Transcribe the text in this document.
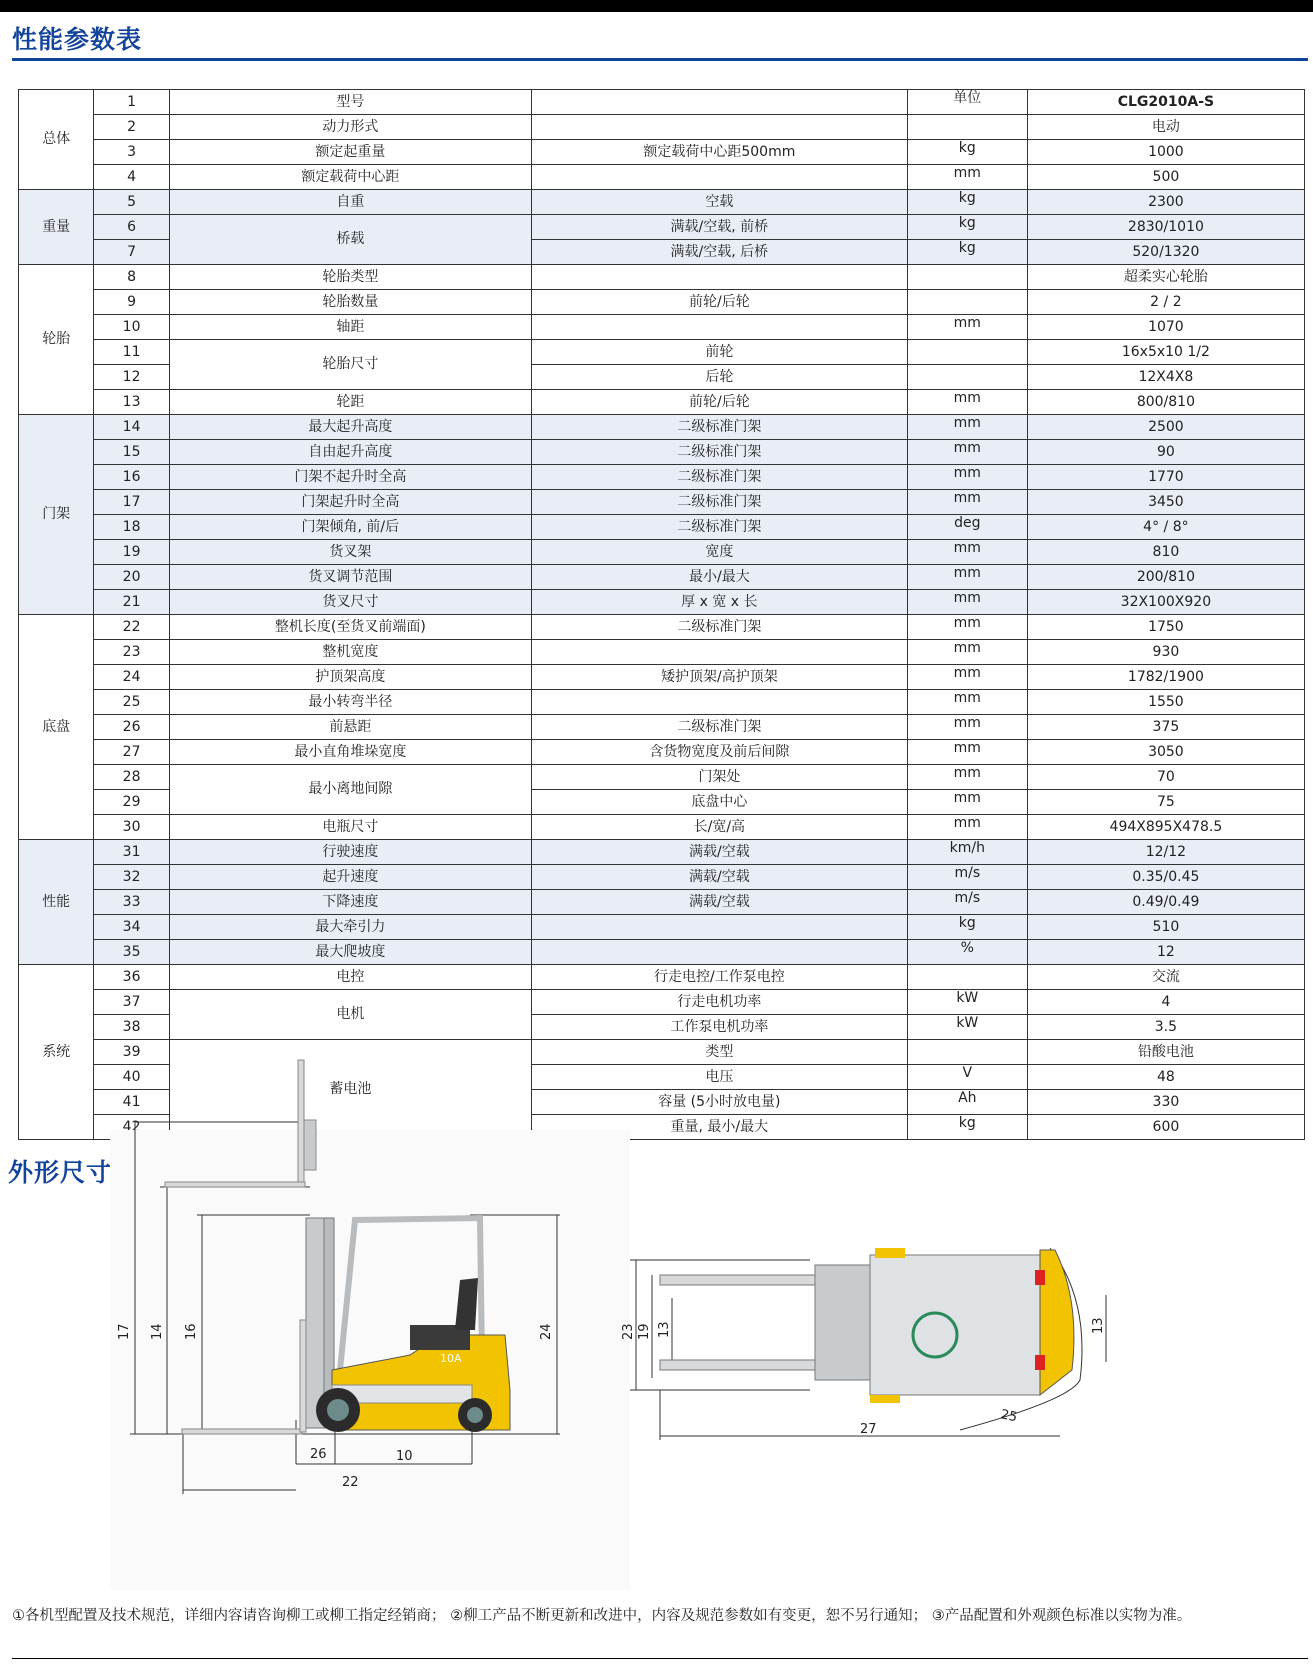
性能参数表
总体	1	型号		单位	CLG2010A-S
	2	动力形式			电动
	3	额定起重量	额定载荷中心距500mm	kg	1000
	4	额定载荷中心距		mm	500
重量	5	自重	空载	kg	2300
	6	桥载	满载/空载, 前桥	kg	2830/1010
	7		满载/空载, 后桥	kg	520/1320
轮胎	8	轮胎类型			超柔实心轮胎
	9	轮胎数量	前轮/后轮		2 / 2
	10	轴距		mm	1070
	11	轮胎尺寸	前轮		16x5x10 1/2
	12		后轮		12X4X8
	13	轮距	前轮/后轮	mm	800/810
门架	14	最大起升高度	二级标准门架	mm	2500
	15	自由起升高度	二级标准门架	mm	90
	16	门架不起升时全高	二级标准门架	mm	1770
	17	门架起升时全高	二级标准门架	mm	3450
	18	门架倾角, 前/后	二级标准门架	deg	4° / 8°
	19	货叉架	宽度	mm	810
	20	货叉调节范围	最小/最大	mm	200/810
	21	货叉尺寸	厚 x 宽 x 长	mm	32X100X920
底盘	22	整机长度(至货叉前端面)	二级标准门架	mm	1750
	23	整机宽度		mm	930
	24	护顶架高度	矮护顶架/高护顶架	mm	1782/1900
	25	最小转弯半径		mm	1550
	26	前悬距	二级标准门架	mm	375
	27	最小直角堆垛宽度	含货物宽度及前后间隙	mm	3050
	28	最小离地间隙	门架处	mm	70
	29		底盘中心	mm	75
	30	电瓶尺寸	长/宽/高	mm	494X895X478.5
性能	31	行驶速度	满载/空载	km/h	12/12
	32	起升速度	满载/空载	m/s	0.35/0.45
	33	下降速度	满载/空载	m/s	0.49/0.49
	34	最大牵引力		kg	510
	35	最大爬坡度		%	12
系统	36	电控	行走电控/工作泵电控		交流
	37	电机	行走电机功率	kW	4
	38		工作泵电机功率	kW	3.5
	39	蓄电池	类型		铅酸电池
	40		电压	V	48
	41		容量 (5小时放电量)	Ah	330
	42		重量, 最小/最大	kg	600
外形尺寸
10A
17 14 16	24
26	10
22
23 19 13	13
25
27
①各机型配置及技术规范，详细内容请咨询柳工或柳工指定经销商； ②柳工产品不断更新和改进中，内容及规范参数如有变更，恕不另行通知； ③产品配置和外观颜色标准以实物为准。
